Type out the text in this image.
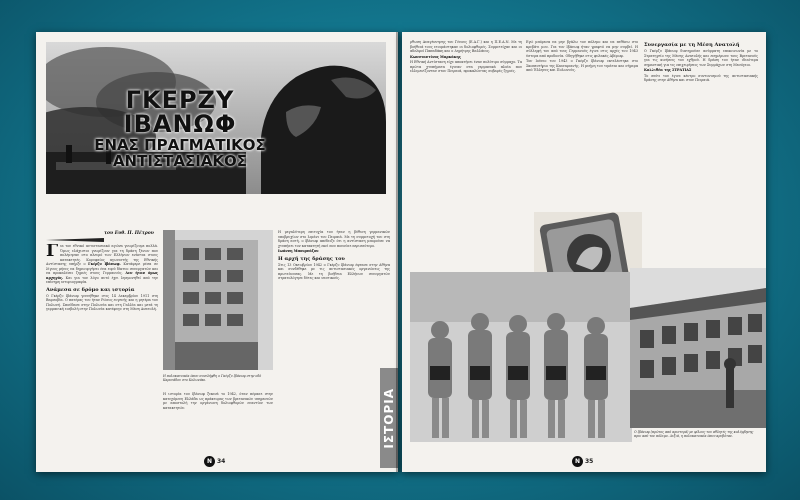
ΓΚΕΡΖΥ ΙΒΑΝΩΦ
ΕΝΑΣ ΠΡΑΓΜΑΤΙΚΟΣ
ΑΝΤΙΣΤΑΣΙΑΚΟΣ
του Ευθ. Π. Πέτρου

Για τον εθνικό αντιστασιακό αγώνα γνωρίζουμε πολλά. Όμως ελάχιστοι γνωρίζουν για τη δράση ξένων που πολέμησαν στο πλευρό των Ελλήνων ενάντια στους κατακτητές. Κορυφαίος αγωνιστής της Εθνικής Αντίστασης υπήρξε ο Γκέρζυ Ιβάνωφ. Κατάφερε μέσα σε λίγους μήνες να δημιουργήσει ένα ευρύ δίκτυο συνεργατών και να προκαλέσει ζημιές στους Γερμανούς. Δεν ήταν όμως αρχηγός. Και για τον λόγο αυτό έχει λησμονηθεί από την επίσημη ιστοριογραφία.

Ανάμεσα σε δρόμο και ιστορία

Ο Γκέρζυ Ιβάνωφ γεννήθηκε στις 14 Δεκεμβρίου 1911 στη Βαρσοβία. Ο πατέρας του ήταν Ρώσος ευγενής και η μητέρα του Πολωνή. Σπούδασε στην Πολωνία και στη Γαλλία και μετά τη γερμανική εισβολή στην Πολωνία κατέφυγε στη Μέση Ανατολή.

Η πολυκατοικία όπου συνελήφθη ο Γκέρζυ Ιβάνωφ στην οδό Καρνεάδου στο Κολωνάκι.

Η ιστορία του Ιβάνωφ ξεκινά το 1942, όταν πέρασε στην κατεχόμενη Ελλάδα ως πράκτορας των βρετανικών υπηρεσιών με αποστολή την οργάνωση δολιοφθορών εναντίον των κατακτητών.

Η μεγαλύτερη επιτυχία του ήταν η βύθιση γερμανικών υποβρυχίων στο λιμάνι του Πειραιά. Με τη συμμετοχή του στη δράση αυτή, ο Ιβάνωφ απέδειξε ότι η αντίσταση μπορούσε να χτυπήσει τον κατακτητή εκεί που πονούσε περισσότερο.

Ιωάννη Μπουρνάζου

Η αρχή της δράσης του

Στις 13 Οκτωβρίου 1942 ο Γκέρζυ Ιβάνωφ έφτασε στην Αθήνα και συνδέθηκε με τις αντιστασιακές οργανώσεις της πρωτεύουσας. Με τη βοήθεια Ελλήνων συνεργατών στρατολόγησε δύτες και ναυτικούς.

ΙΣΤΟΡΙΑ
N 34

ρθωση Αναγέννησης του Γένους (Ε.Α.Γ.) και η Π.Ε.Α.Ν. Με τη βοήθειά τους ετοιμάστηκαν οι δολιοφθορές. Συμμετείχαν και οι αδελφοί Παπαδάκη και ο Δημήτρης Βαλλάνος.

Κωνσταντίνος Μαρκάκης

Η Εθνική Αντίσταση είχε αποκτήσει έναν πολύτιμο σύμμαχο. Τα πρώτα χτυπήματα έγιναν στα γερμανικά πλοία που ελλιμενίζονταν στον Πειραιά, προκαλώντας σοβαρές ζημιές.

Εγώ μπόρεσα να μην βγάλω τον πόλεμο και να πεθάνω στο κρεβάτι μου. Για τον Ιβάνωφ ήταν γραφτό να μην συμβεί. Η σύλληψή του από τους Γερμανούς έγινε στις αρχές του 1943 ύστερα από προδοσία. Οδηγήθηκε στις φυλακές Αβέρωφ.

Τον Ιούνιο του 1943 ο Γκέρζυ Ιβάνωφ εκτελέστηκε στο Σκοπευτήριο της Καισαριανής. Η μνήμη του τιμάται και σήμερα από Έλληνες και Πολωνούς.

Συνεργασία με τη Μέση Ανατολή

Ο Γκέρζυ Ιβάνωφ διατηρούσε ασύρματη επικοινωνία με το Στρατηγείο της Μέσης Ανατολής και ενημέρωνε τους Βρετανούς για τις κινήσεις του εχθρού. Η δράση του ήταν ιδιαίτερα σημαντική για τις επιχειρήσεις των Συμμάχων στη Μεσόγειο.

Καλλιθέα της ΣΤΡΑΤΙΑΣ

Το σπίτι του έγινε κέντρο συντονισμού της αντιστασιακής δράσης στην Αθήνα και στον Πειραιά.

Ο Ιβάνωφ (πρώτος από αριστερά) με φίλους του αθλητές της κολύμβησης πριν από τον πόλεμο. Δεξιά, η πολυκατοικία όπου κρυβόταν.
N 35
